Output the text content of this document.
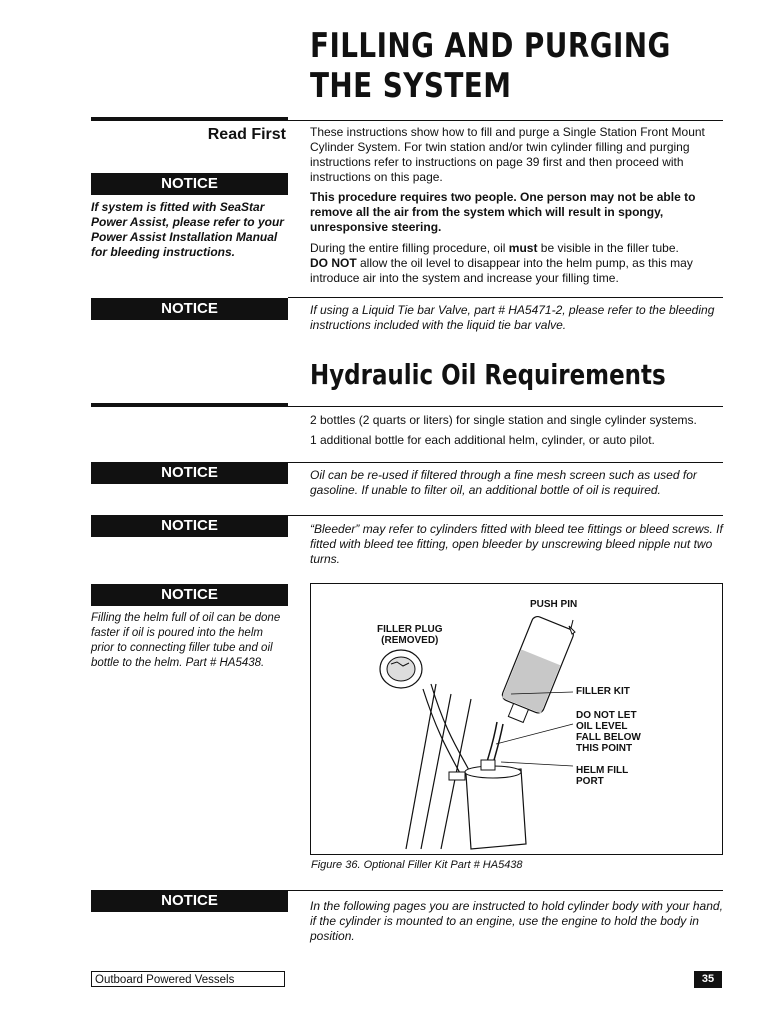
FILLING AND PURGING
THE SYSTEM
Read First These instructions show how to fill and purge a Single Station Front Mount Cylinder System. For twin station and/or twin cylinder filling and purging instructions refer to instructions on page 39 first and then proceed with instructions on this page.

This procedure requires two people. One person may not be able to remove all the air from the system which will result in spongy, unresponsive steering.

During the entire filling procedure, oil must be visible in the filler tube.
DO NOT allow the oil level to disappear into the helm pump, as this may introduce air into the system and increase your filling time.

NOTICE
If system is fitted with SeaStar Power Assist, please refer to your Power Assist Installation Manual for bleeding instructions.
NOTICE	If using a Liquid Tie bar Valve, part # HA5471-2, please refer to the bleeding instructions included with the liquid tie bar valve.
Hydraulic Oil Requirements

2 bottles (2 quarts or liters) for single station and single cylinder systems.

1 additional bottle for each additional helm, cylinder, or auto pilot.

NOTICE	Oil can be re-used if filtered through a fine mesh screen such as used for gasoline. If unable to filter oil, an additional bottle of oil is required.
NOTICE	“Bleeder” may refer to cylinders fitted with bleed tee fittings or bleed screws. If fitted with bleed tee fitting, open bleeder by unscrewing bleed nipple nut two turns.
NOTICE
Filling the helm full of oil can be done faster if oil is poured into the helm prior to connecting filler tube and oil bottle to the helm. Part # HA5438.
PUSH PIN
FILLER PLUG
(REMOVED)
FILLER KIT
DO NOT LET
OIL LEVEL
FALL BELOW
THIS POINT
HELM FILL
PORT
Figure 36. Optional Filler Kit Part # HA5438
NOTICE	In the following pages you are instructed to hold cylinder body with your hand, if the cylinder is mounted to an engine, use the engine to hold the body in position.
Outboard Powered Vessels	35
